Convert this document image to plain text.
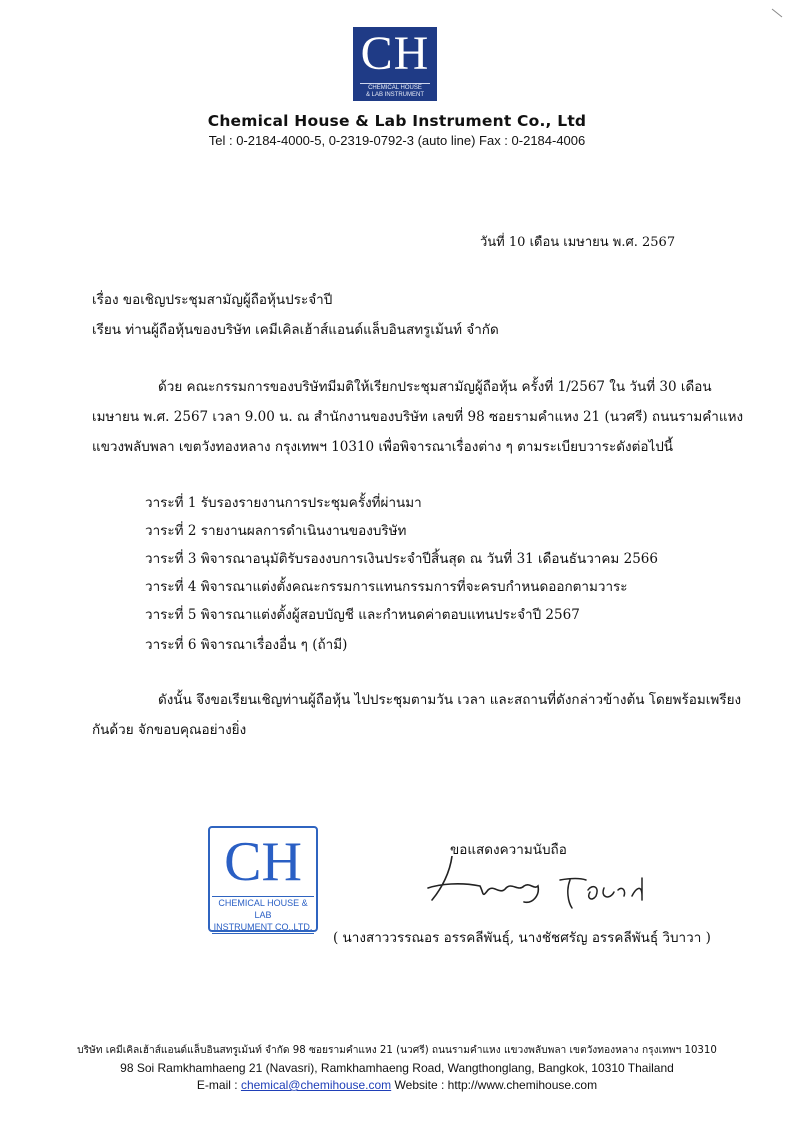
CH
CHEMICAL HOUSE
& LAB INSTRUMENT
Chemical House & Lab Instrument Co., Ltd
Tel : 0-2184-4000-5, 0-2319-0792-3 (auto line) Fax : 0-2184-4006
วันที่ 10 เดือน เมษายน พ.ศ. 2567
เรื่อง ขอเชิญประชุมสามัญผู้ถือหุ้นประจำปี
เรียน ท่านผู้ถือหุ้นของบริษัท เคมีเคิลเฮ้าส์แอนด์แล็บอินสทรูเม้นท์ จำกัด
ด้วย คณะกรรมการของบริษัทมีมติให้เรียกประชุมสามัญผู้ถือหุ้น ครั้งที่ 1/2567 ใน วันที่ 30 เดือน
เมษายน พ.ศ. 2567 เวลา 9.00 น. ณ สำนักงานของบริษัท เลขที่ 98 ซอยรามคำแหง 21 (นวศรี) ถนนรามคำแหง
แขวงพลับพลา เขตวังทองหลาง กรุงเทพฯ 10310 เพื่อพิจารณาเรื่องต่าง ๆ ตามระเบียบวาระดังต่อไปนี้
วาระที่ 1 รับรองรายงานการประชุมครั้งที่ผ่านมา
วาระที่ 2 รายงานผลการดำเนินงานของบริษัท
วาระที่ 3 พิจารณาอนุมัติรับรองงบการเงินประจำปีสิ้นสุด ณ วันที่ 31 เดือนธันวาคม 2566
วาระที่ 4 พิจารณาแต่งตั้งคณะกรรมการแทนกรรมการที่จะครบกำหนดออกตามวาระ
วาระที่ 5 พิจารณาแต่งตั้งผู้สอบบัญชี และกำหนดค่าตอบแทนประจำปี 2567
วาระที่ 6 พิจารณาเรื่องอื่น ๆ (ถ้ามี)
ดังนั้น จึงขอเรียนเชิญท่านผู้ถือหุ้น ไปประชุมตามวัน เวลา และสถานที่ดังกล่าวข้างต้น โดยพร้อมเพรียง
กันด้วย จักขอบคุณอย่างยิ่ง
CH
CHEMICAL HOUSE & LAB
INSTRUMENT CO.,LTD.
ขอแสดงความนับถือ
( นางสาววรรณอร อรรคลีพันธุ์, นางชัชศรัญ อรรคลีพันธุ์ วิบาวา )
บริษัท เคมีเคิลเฮ้าส์แอนด์แล็บอินสทรูเม้นท์ จำกัด 98 ซอยรามคำแหง 21 (นวศรี) ถนนรามคำแหง แขวงพลับพลา เขตวังทองหลาง กรุงเทพฯ 10310
98 Soi Ramkhamhaeng 21 (Navasri), Ramkhamhaeng Road, Wangthonglang, Bangkok, 10310 Thailand
E-mail : chemical@chemihouse.com Website : http://www.chemihouse.com
